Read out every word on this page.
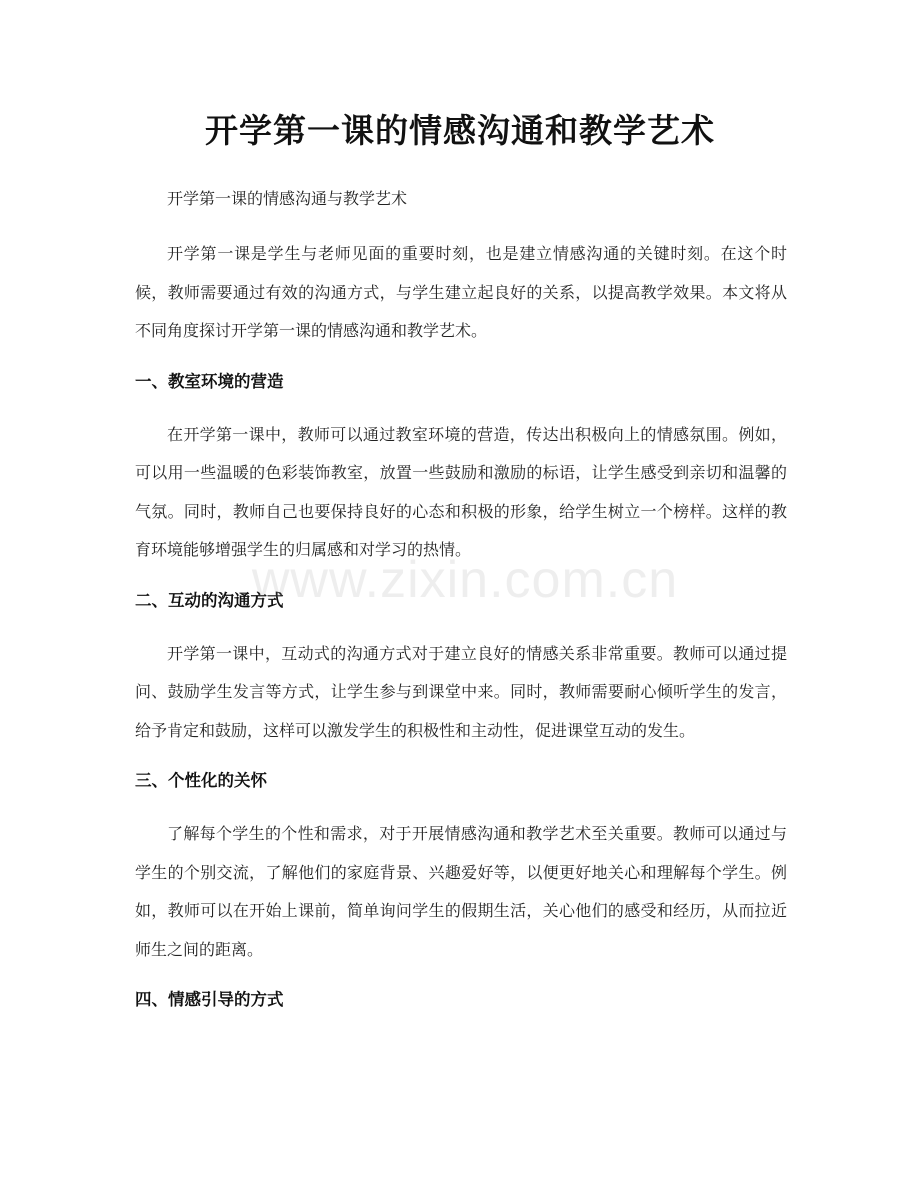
开学第一课的情感沟通和教学艺术

开学第一课的情感沟通与教学艺术

开学第一课是学生与老师见面的重要时刻，也是建立情感沟通的关键时刻。在这个时候，教师需要通过有效的沟通方式，与学生建立起良好的关系，以提高教学效果。本文将从不同角度探讨开学第一课的情感沟通和教学艺术。

一、教室环境的营造

在开学第一课中，教师可以通过教室环境的营造，传达出积极向上的情感氛围。例如，可以用一些温暖的色彩装饰教室，放置一些鼓励和激励的标语，让学生感受到亲切和温馨的气氛。同时，教师自己也要保持良好的心态和积极的形象，给学生树立一个榜样。这样的教育环境能够增强学生的归属感和对学习的热情。

二、互动的沟通方式

开学第一课中，互动式的沟通方式对于建立良好的情感关系非常重要。教师可以通过提问、鼓励学生发言等方式，让学生参与到课堂中来。同时，教师需要耐心倾听学生的发言，给予肯定和鼓励，这样可以激发学生的积极性和主动性，促进课堂互动的发生。

三、个性化的关怀

了解每个学生的个性和需求，对于开展情感沟通和教学艺术至关重要。教师可以通过与学生的个别交流，了解他们的家庭背景、兴趣爱好等，以便更好地关心和理解每个学生。例如，教师可以在开始上课前，简单询问学生的假期生活，关心他们的感受和经历，从而拉近师生之间的距离。

四、情感引导的方式
www.zixin.com.cn
